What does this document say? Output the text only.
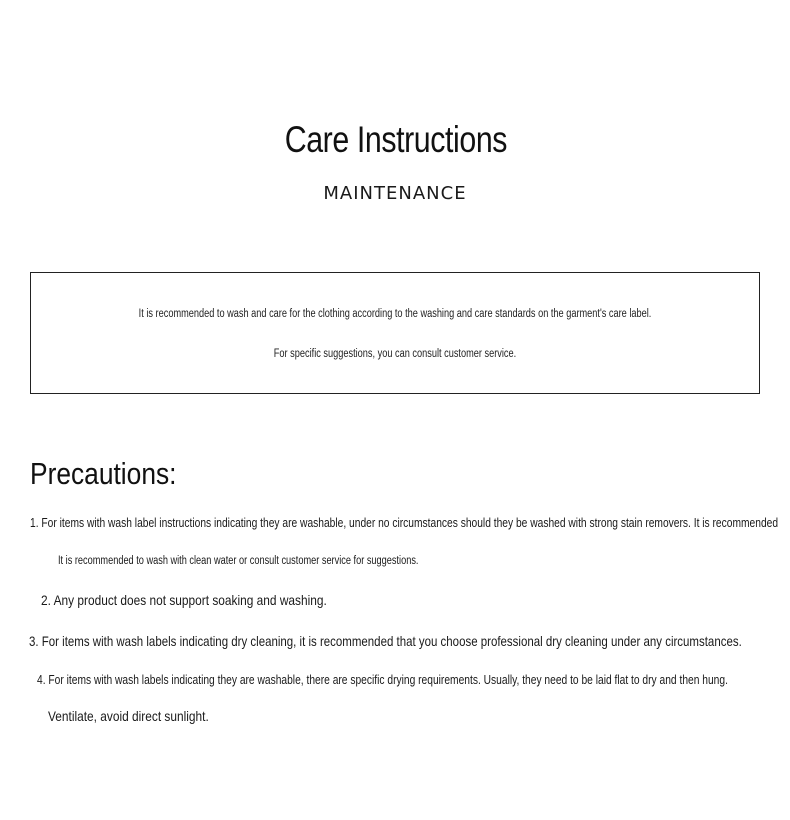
Care Instructions

MAINTENANCE

It is recommended to wash and care for the clothing according to the washing and care standards on the garment's care label.

For specific suggestions, you can consult customer service.

Precautions:

1. For items with wash label instructions indicating they are washable, under no circumstances should they be washed with strong stain removers. It is recommended

It is recommended to wash with clean water or consult customer service for suggestions.

2. Any product does not support soaking and washing.

3. For items with wash labels indicating dry cleaning, it is recommended that you choose professional dry cleaning under any circumstances.

4. For items with wash labels indicating they are washable, there are specific drying requirements. Usually, they need to be laid flat to dry and then hung.

Ventilate, avoid direct sunlight.
